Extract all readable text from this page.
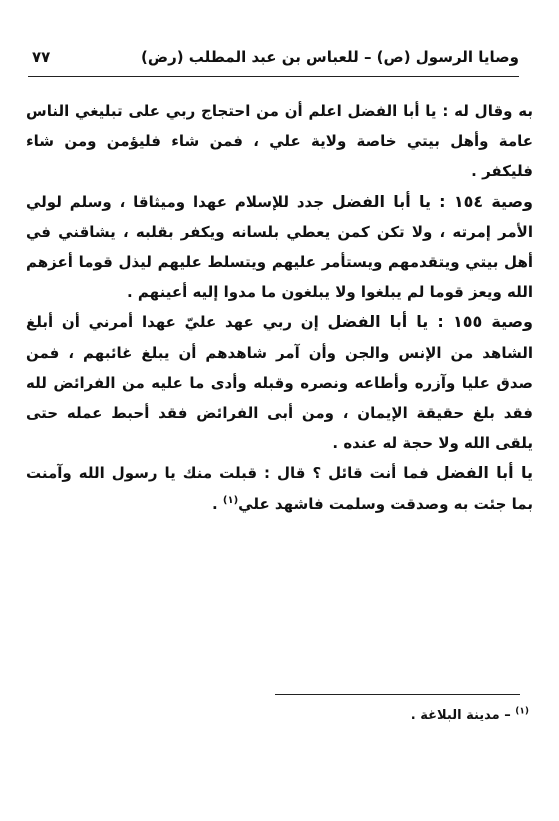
وصايا الرسول (ص) – للعباس بن عبد المطلب (رض)
٧٧

به وقال له : يا أبا الفضل اعلم أن من احتجاج ربي على تبليغي الناس عامة وأهل بيتي خاصة ولاية علي ، فمن شاء فليؤمن ومن شاء فليكفر .

وصية ١٥٤ : يا أبا الفضل جدد للإسلام عهدا وميثاقا ، وسلم لولي الأمر إمرته ، ولا تكن كمن يعطي بلسانه ويكفر بقلبه ، يشاقني في أهل بيتي ويتقدمهم ويستأمر عليهم ويتسلط عليهم ليذل قوما أعزهم الله ويعز قوما لم يبلغوا ولا يبلغون ما مدوا إليه أعينهم .

وصية ١٥٥ : يا أبا الفضل إن ربي عهد عليّ عهدا أمرني أن أبلغ الشاهد من الإنس والجن وأن آمر شاهدهم أن يبلغ غائبهم ، فمن صدق عليا وآزره وأطاعه ونصره وقبله وأدى ما عليه من الفرائض لله فقد بلغ حقيقة الإيمان ، ومن أبى الفرائض فقد أحبط عمله حتى يلقى الله ولا حجة له عنده .

يا أبا الفضل فما أنت قائل ؟ قال : قبلت منك يا رسول الله وآمنت بما جئت به وصدقت وسلمت فاشهد علي$^{(١)}$ .

$^{(١)}$ – مدينة البلاغة .
